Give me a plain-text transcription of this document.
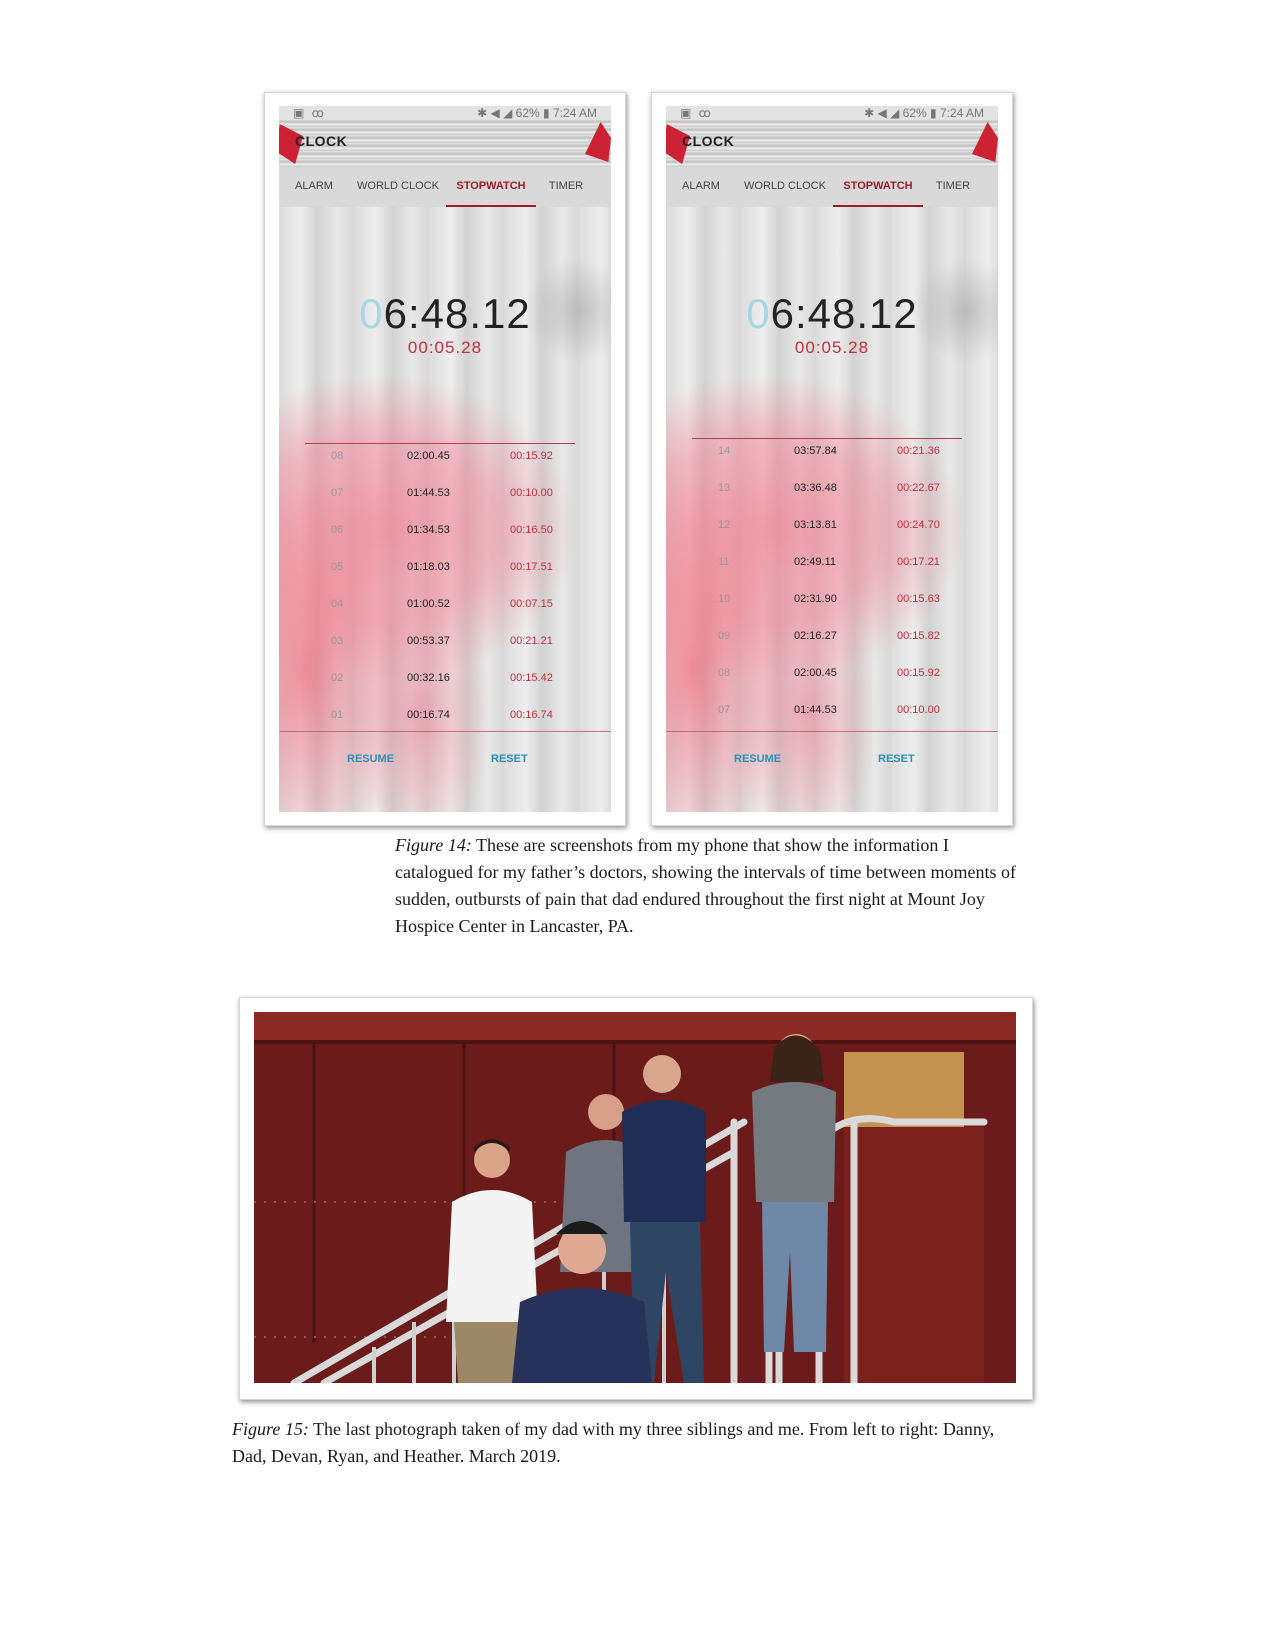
▣ ꝏ	✱ ◀ ◢ 62% ▮ 7:24 AM
CLOCK
ALARM	WORLD CLOCK	STOPWATCH	TIMER
06:48.12
00:05.28
08	02:00.45	00:15.92
07	01:44.53	00:10.00
06	01:34.53	00:16.50
05	01:18.03	00:17.51
04	01:00.52	00:07.15
03	00:53.37	00:21.21
02	00:32.16	00:15.42
01	00:16.74	00:16.74
RESUME	RESET
▣ ꝏ	✱ ◀ ◢ 62% ▮ 7:24 AM
CLOCK
ALARM	WORLD CLOCK	STOPWATCH	TIMER
06:48.12
00:05.28
14	03:57.84	00:21.36
13	03:36.48	00:22.67
12	03:13.81	00:24.70
11	02:49.11	00:17.21
10	02:31.90	00:15.63
09	02:16.27	00:15.82
08	02:00.45	00:15.92
07	01:44.53	00:10.00
RESUME	RESET
Figure 14: These are screenshots from my phone that show the information I catalogued for my father’s doctors, showing the intervals of time between moments of sudden, outbursts of pain that dad endured throughout the first night at Mount Joy Hospice Center in Lancaster, PA.
Figure 15: The last photograph taken of my dad with my three siblings and me. From left to right: Danny, Dad, Devan, Ryan, and Heather. March 2019.
